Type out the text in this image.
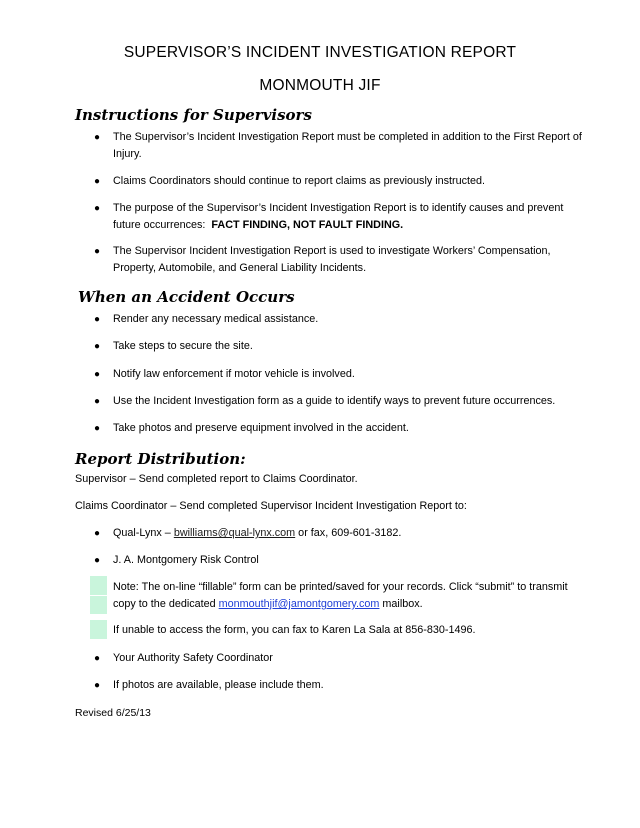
SUPERVISOR’S INCIDENT INVESTIGATION REPORT
MONMOUTH JIF
Instructions for Supervisors
● The Supervisor’s Incident Investigation Report must be completed in addition to the First Report of Injury.
● Claims Coordinators should continue to report claims as previously instructed.
● The purpose of the Supervisor’s Incident Investigation Report is to identify causes and prevent future occurrences: FACT FINDING, NOT FAULT FINDING.
● The Supervisor Incident Investigation Report is used to investigate Workers’ Compensation, Property, Automobile, and General Liability Incidents.
When an Accident Occurs
● Render any necessary medical assistance.
● Take steps to secure the site.
● Notify law enforcement if motor vehicle is involved.
● Use the Incident Investigation form as a guide to identify ways to prevent future occurrences.
● Take photos and preserve equipment involved in the accident.
Report Distribution:
Supervisor – Send completed report to Claims Coordinator.
Claims Coordinator – Send completed Supervisor Incident Investigation Report to:
● Qual-Lynx – bwilliams@qual-lynx.com or fax, 609-601-3182.
● J. A. Montgomery Risk Control
Note: The on-line “fillable” form can be printed/saved for your records. Click “submit” to transmit copy to the dedicated monmouthjif@jamontgomery.com mailbox.
If unable to access the form, you can fax to Karen La Sala at 856-830-1496.
● Your Authority Safety Coordinator
● If photos are available, please include them.
Revised 6/25/13
